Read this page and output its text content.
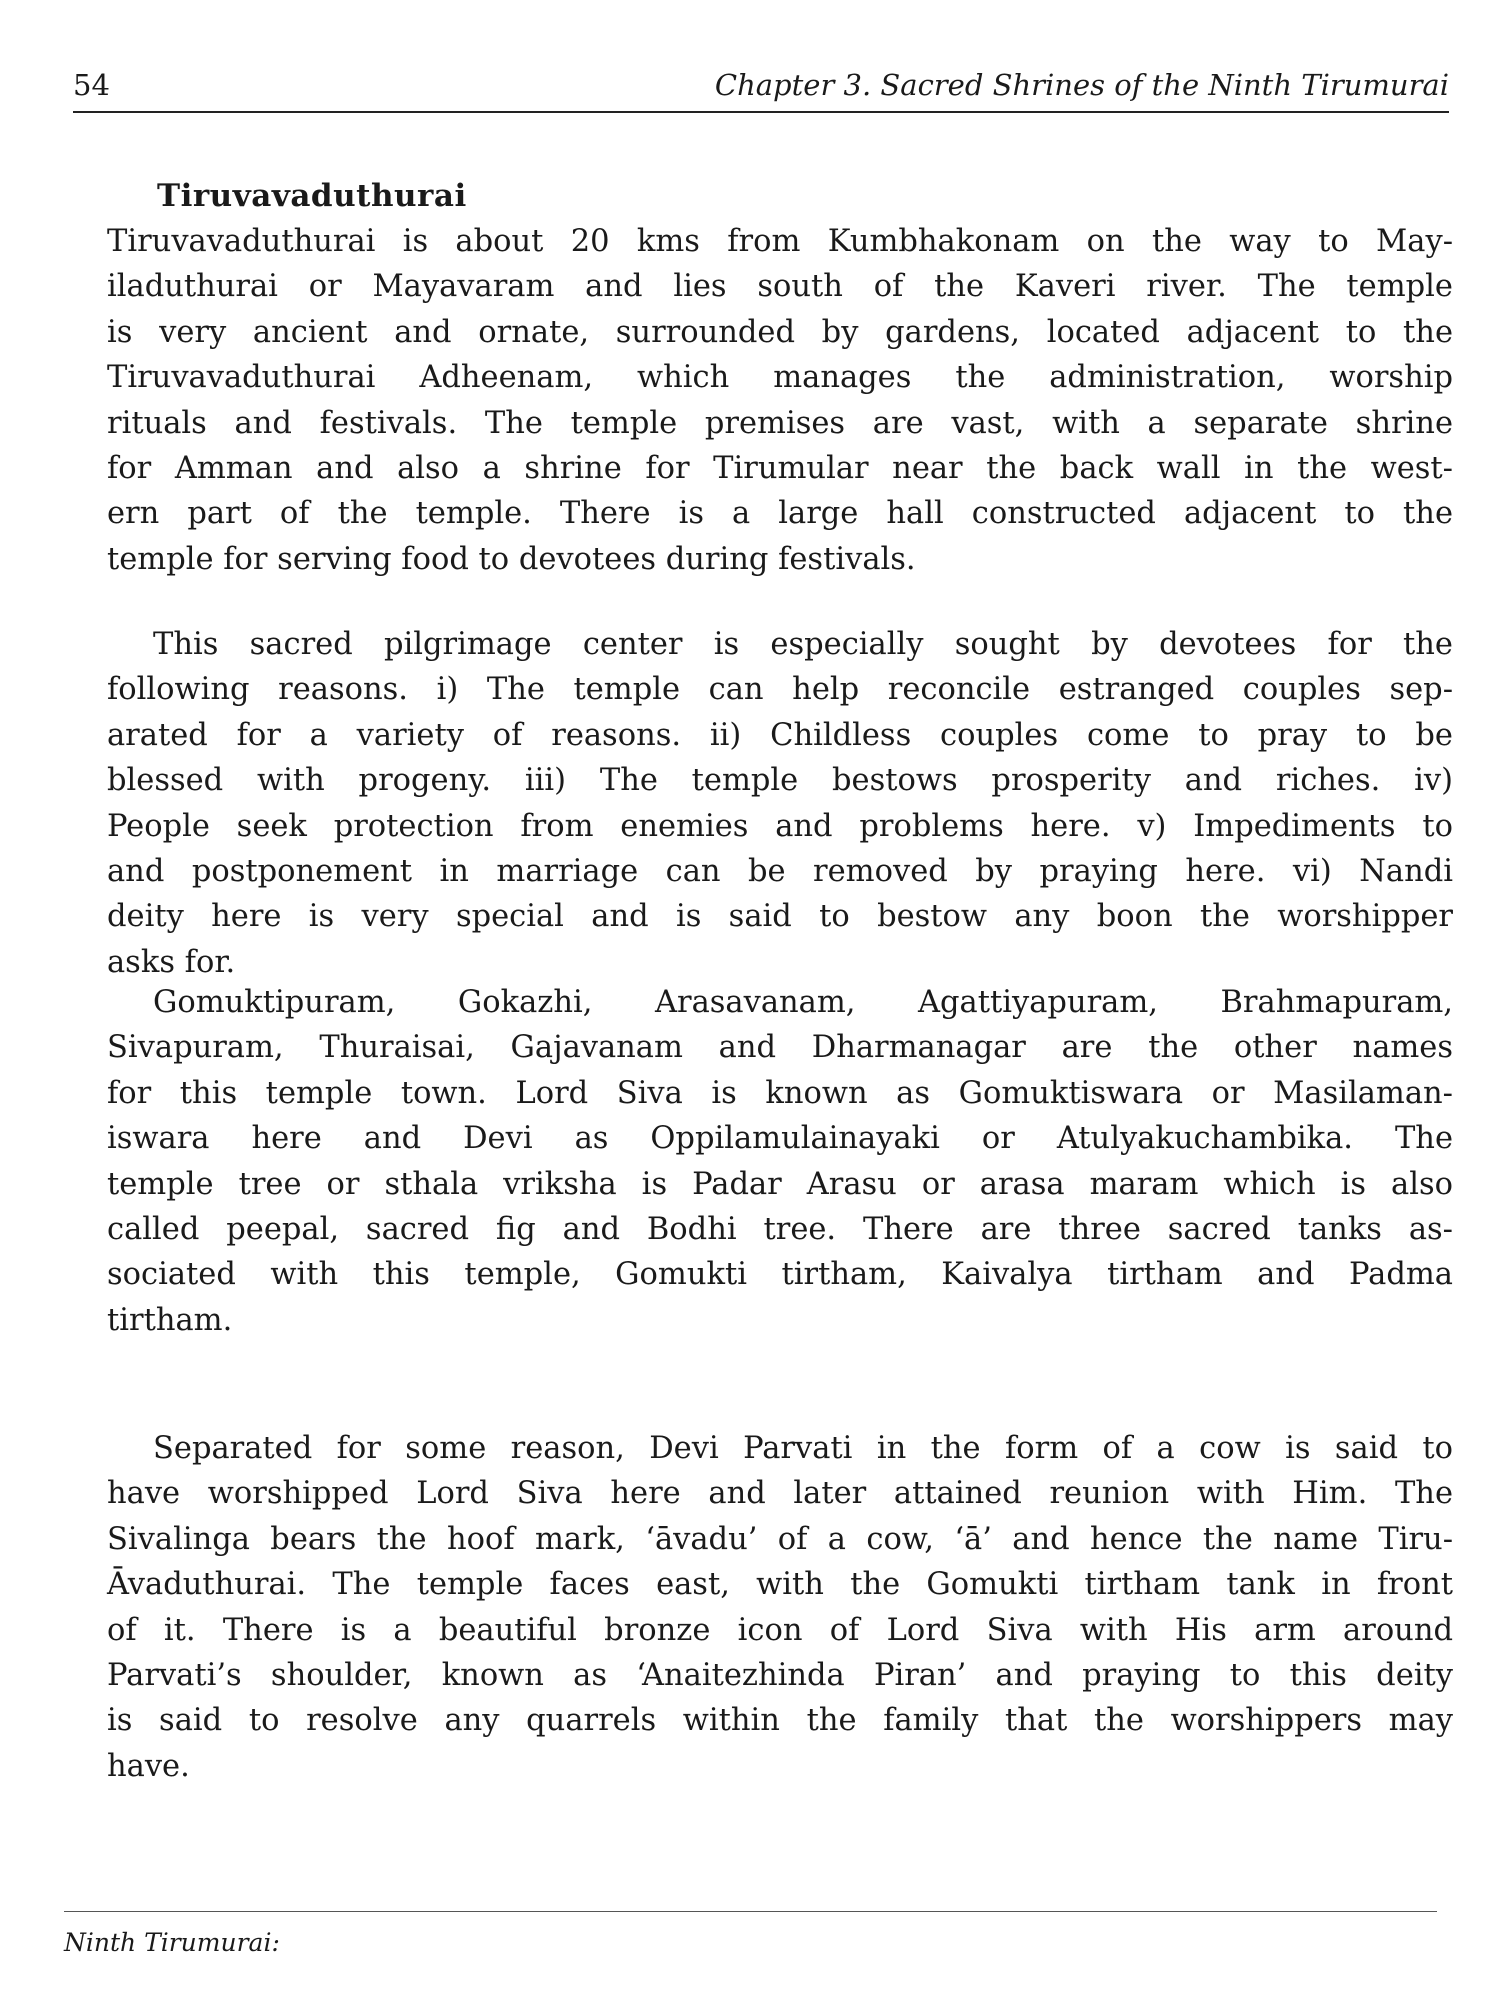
54	Chapter 3. Sacred Shrines of the Ninth Tirumurai
Tiruvavaduthurai
Tiruvavaduthurai is about 20 kms from Kumbhakonam on the way to May-
iladuthurai or Mayavaram and lies south of the Kaveri river. The temple
is very ancient and ornate, surrounded by gardens, located adjacent to the
Tiruvavaduthurai Adheenam, which manages the administration, worship
rituals and festivals. The temple premises are vast, with a separate shrine
for Amman and also a shrine for Tirumular near the back wall in the west-
ern part of the temple. There is a large hall constructed adjacent to the
temple for serving food to devotees during festivals.
This sacred pilgrimage center is especially sought by devotees for the
following reasons. i) The temple can help reconcile estranged couples sep-
arated for a variety of reasons. ii) Childless couples come to pray to be
blessed with progeny. iii) The temple bestows prosperity and riches. iv)
People seek protection from enemies and problems here. v) Impediments to
and postponement in marriage can be removed by praying here. vi) Nandi
deity here is very special and is said to bestow any boon the worshipper
asks for.
Gomuktipuram, Gokazhi, Arasavanam, Agattiyapuram, Brahmapuram,
Sivapuram, Thuraisai, Gajavanam and Dharmanagar are the other names
for this temple town. Lord Siva is known as Gomuktiswara or Masilaman-
iswara here and Devi as Oppilamulainayaki or Atulyakuchambika. The
temple tree or sthala vriksha is Padar Arasu or arasa maram which is also
called peepal, sacred fig and Bodhi tree. There are three sacred tanks as-
sociated with this temple, Gomukti tirtham, Kaivalya tirtham and Padma
tirtham.
Separated for some reason, Devi Parvati in the form of a cow is said to
have worshipped Lord Siva here and later attained reunion with Him. The
Sivalinga bears the hoof mark, ‘āvadu’ of a cow, ‘ā’ and hence the name Tiru-
Āvaduthurai. The temple faces east, with the Gomukti tirtham tank in front
of it. There is a beautiful bronze icon of Lord Siva with His arm around
Parvati’s shoulder, known as ‘Anaitezhinda Piran’ and praying to this deity
is said to resolve any quarrels within the family that the worshippers may
have.
Ninth Tirumurai:
